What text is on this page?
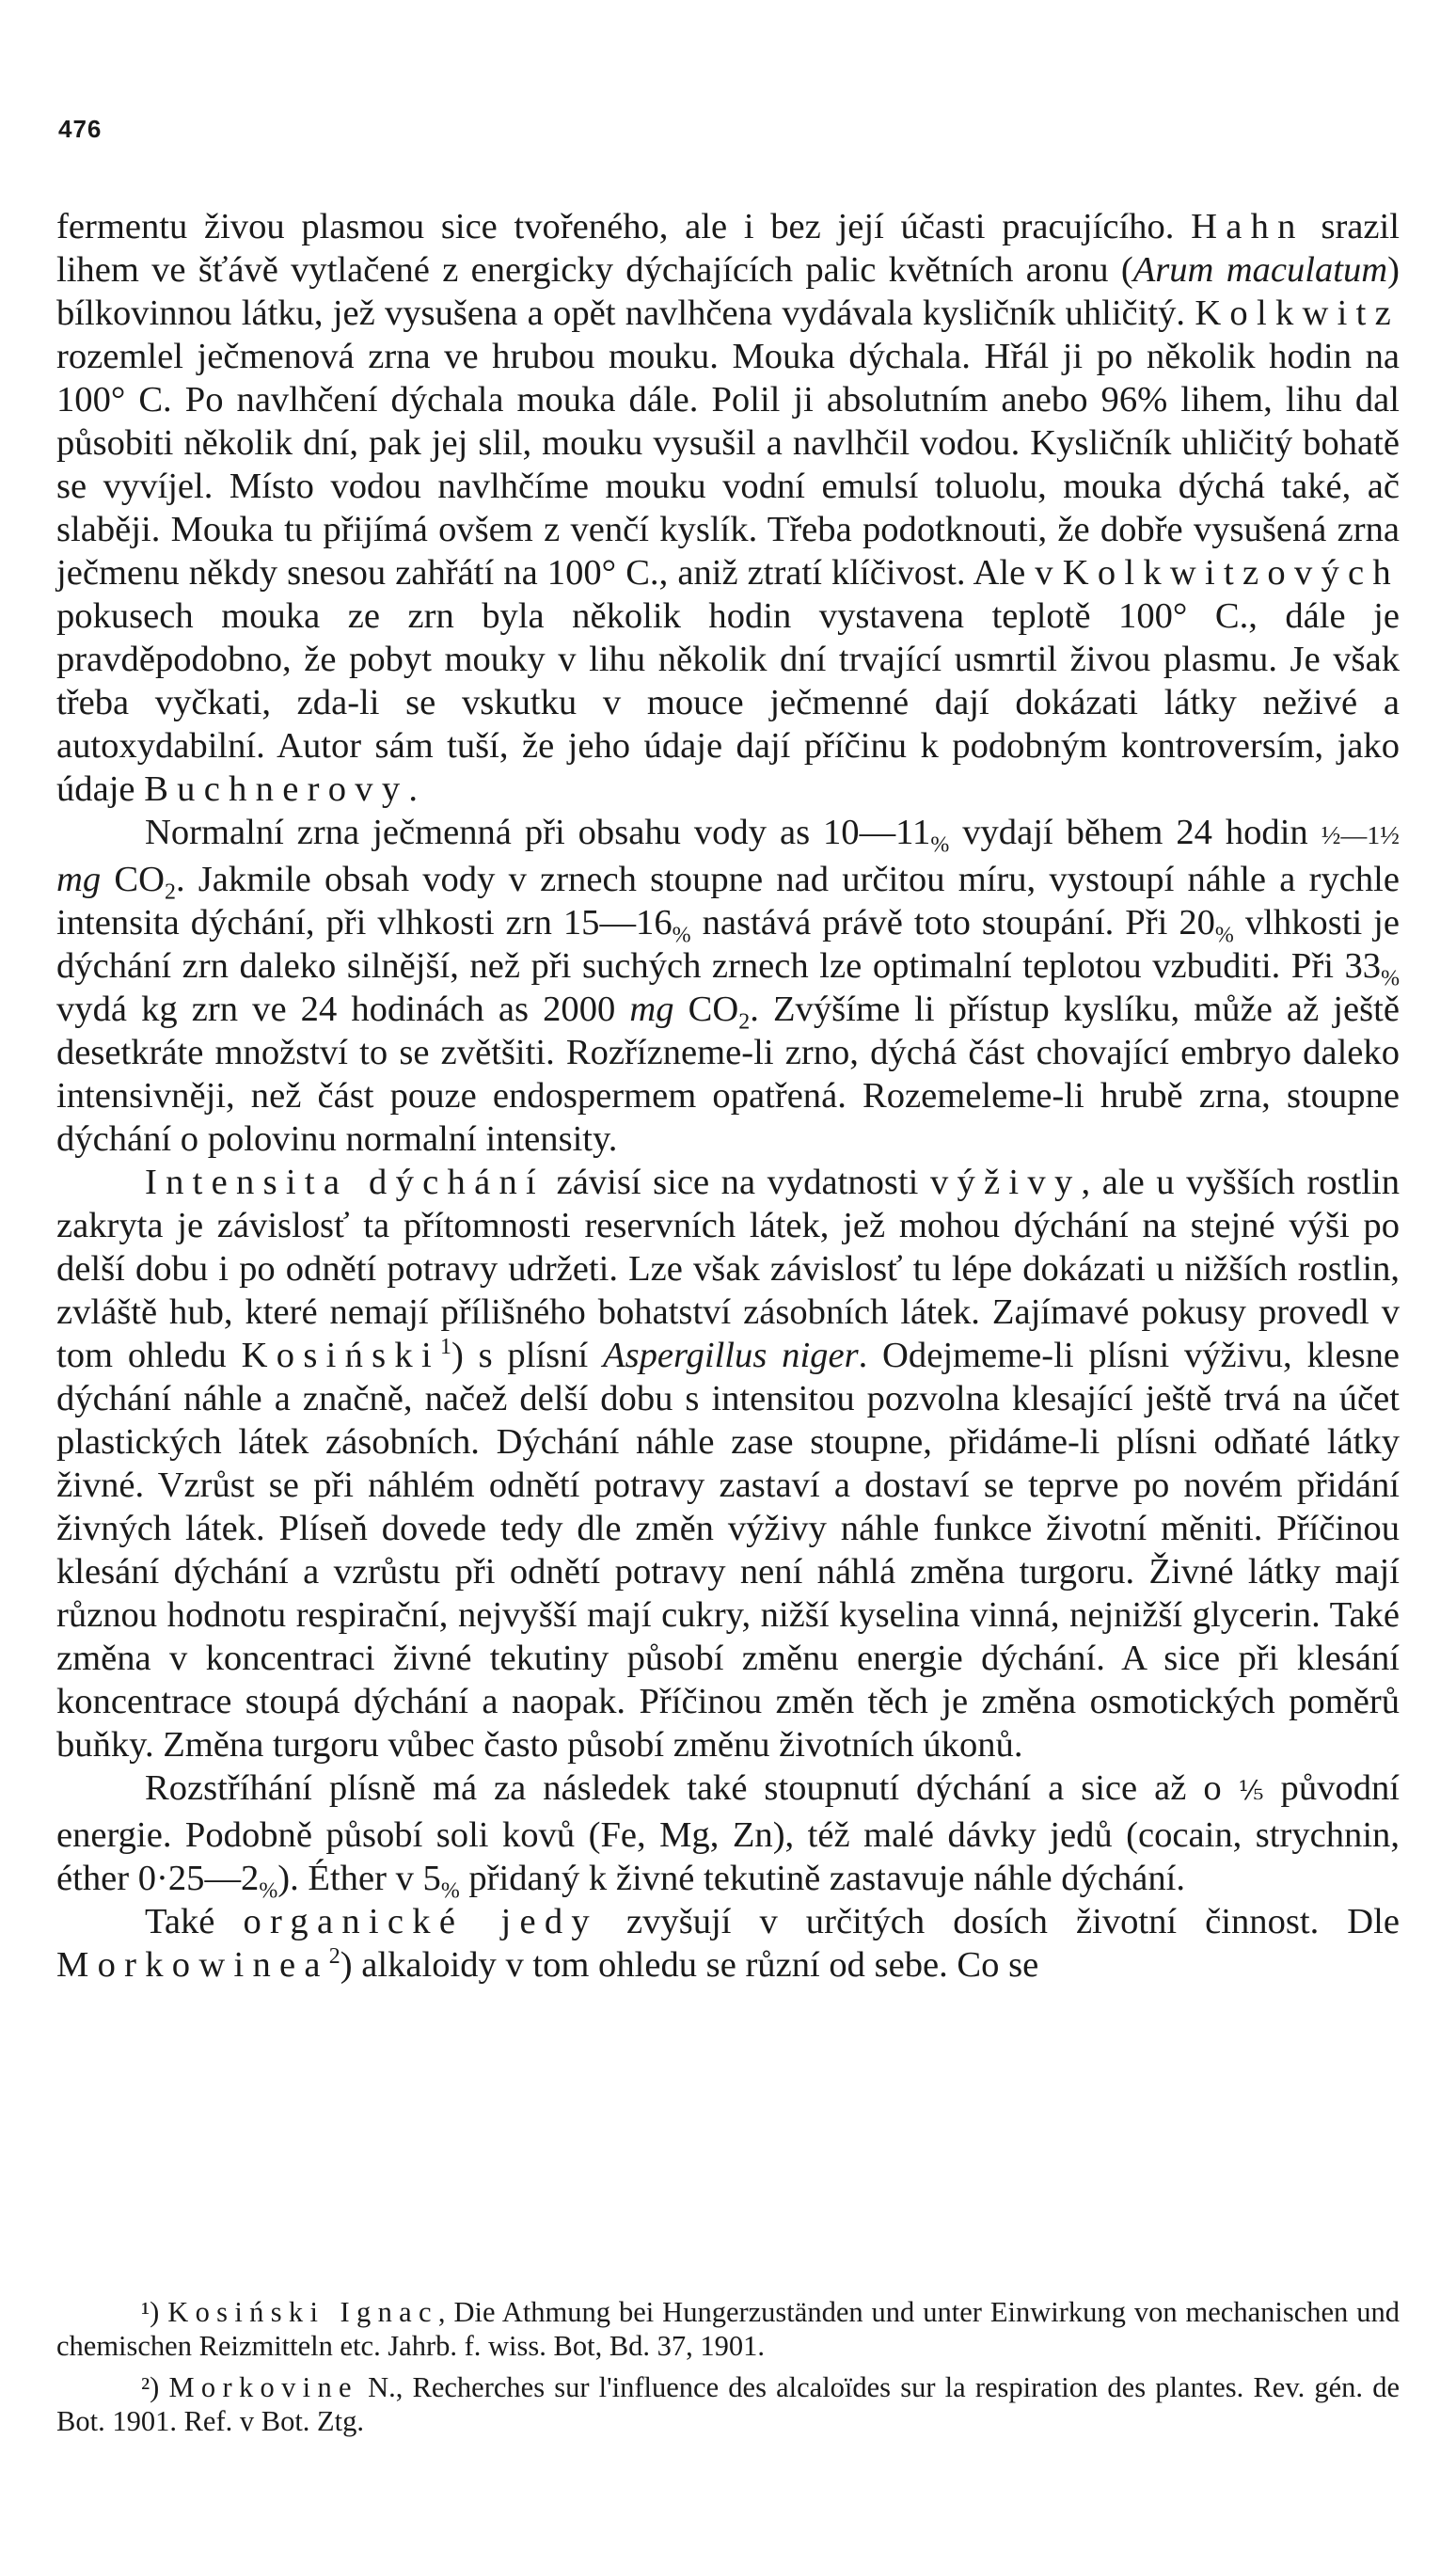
476

fermentu živou plasmou sice tvořeného, ale i bez její účasti pracujícího. Hahn srazil lihem ve šťávě vytlačené z energicky dýchajících palic květních aronu (Arum maculatum) bílkovinnou látku, jež vysušena a opět navlhčena vydávala kysličník uhličitý. Kolkwitz rozemlel ječmenová zrna ve hrubou mouku. Mouka dýchala. Hřál ji po několik hodin na 100° C. Po navlhčení dýchala mouka dále. Polil ji absolutním anebo 96% lihem, lihu dal působiti několik dní, pak jej slil, mouku vysušil a navlhčil vodou. Kysličník uhličitý bohatě se vyvíjel. Místo vodou navlhčíme mouku vodní emulsí toluolu, mouka dýchá také, ač slaběji. Mouka tu přijímá ovšem z venčí kyslík. Třeba podotknouti, že dobře vysušená zrna ječmenu někdy snesou zahřátí na 100° C., aniž ztratí klíčivost. Ale v Kolkwitzových pokusech mouka ze zrn byla několik hodin vystavena teplotě 100° C., dále je pravděpodobno, že pobyt mouky v lihu několik dní trvající usmrtil živou plasmu. Je však třeba vyčkati, zda-li se vskutku v mouce ječmenné dají dokázati látky neživé a autoxydabilní. Autor sám tuší, že jeho údaje dají příčinu k podobným kontroversím, jako údaje Buchnerovy.

Normalní zrna ječmenná při obsahu vody as $10—11_{\%}$ vydají během 24 hodin ½—1½ mg $CO_2$. Jakmile obsah vody v zrnech stoupne nad určitou míru, vystoupí náhle a rychle intensita dýchání, při vlhkosti zrn $15—16_{\%}$ nastává právě toto stoupání. Při $20_{\%}$ vlhkosti je dýchání zrn daleko silnější, než při suchých zrnech lze optimalní teplotou vzbuditi. Při $33_{\%}$ vydá kg zrn ve 24 hodinách as 2000 mg $CO_2$. Zvýšíme li přístup kyslíku, může až ještě desetkráte množství to se zvětšiti. Rozřízneme-li zrno, dýchá část chovající embryo daleko intensivněji, než část pouze endospermem opatřená. Rozemeleme-li hrubě zrna, stoupne dýchání o polovinu normalní intensity.

Intensita dýchání závisí sice na vydatnosti výživy, ale u vyšších rostlin zakryta je závislosť ta přítomnosti reservních látek, jež mohou dýchání na stejné výši po delší dobu i po odnětí potravy udržeti. Lze však závislosť tu lépe dokázati u nižších rostlin, zvláště hub, které nemají přílišného bohatství zásobních látek. Zajímavé pokusy provedl v tom ohledu Kosiński$^1$) s plísní Aspergillus niger. Odejmeme-li plísni výživu, klesne dýchání náhle a značně, načež delší dobu s intensitou pozvolna klesající ještě trvá na účet plastických látek zásobních. Dýchání náhle zase stoupne, přidáme-li plísni odňaté látky živné. Vzrůst se při náhlém odnětí potravy zastaví a dostaví se teprve po novém přidání živných látek. Plíseň dovede tedy dle změn výživy náhle funkce životní měniti. Příčinou klesání dýchání a vzrůstu při odnětí potravy není náhlá změna turgoru. Živné látky mají různou hodnotu respirační, nejvyšší mají cukry, nižší kyselina vinná, nejnižší glycerin. Také změna v koncentraci živné tekutiny působí změnu energie dýchání. A sice při klesání koncentrace stoupá dýchání a naopak. Příčinou změn těch je změna osmotických poměrů buňky. Změna turgoru vůbec často působí změnu životních úkonů.

Rozstříhání plísně má za následek také stoupnutí dýchání a sice až o ⅕ původní energie. Podobně působí soli kovů (Fe, Mg, Zn), též malé dávky jedů (cocain, strychnin, éther $0\cdot 25—2_{\%}$). Éther v $5_{\%}$ přidaný k živné tekutině zastavuje náhle dýchání.

Také organické jedy zvyšují v určitých dosích životní činnost. Dle Morkowinea$^2$) alkaloidy v tom ohledu se různí od sebe. Co se

¹) Kosiński Ignac, Die Athmung bei Hungerzuständen und unter Einwirkung von mechanischen und chemischen Reizmitteln etc. Jahrb. f. wiss. Bot, Bd. 37, 1901.

²) Morkovine N., Recherches sur l'influence des alcaloïdes sur la respiration des plantes. Rev. gén. de Bot. 1901. Ref. v Bot. Ztg.
